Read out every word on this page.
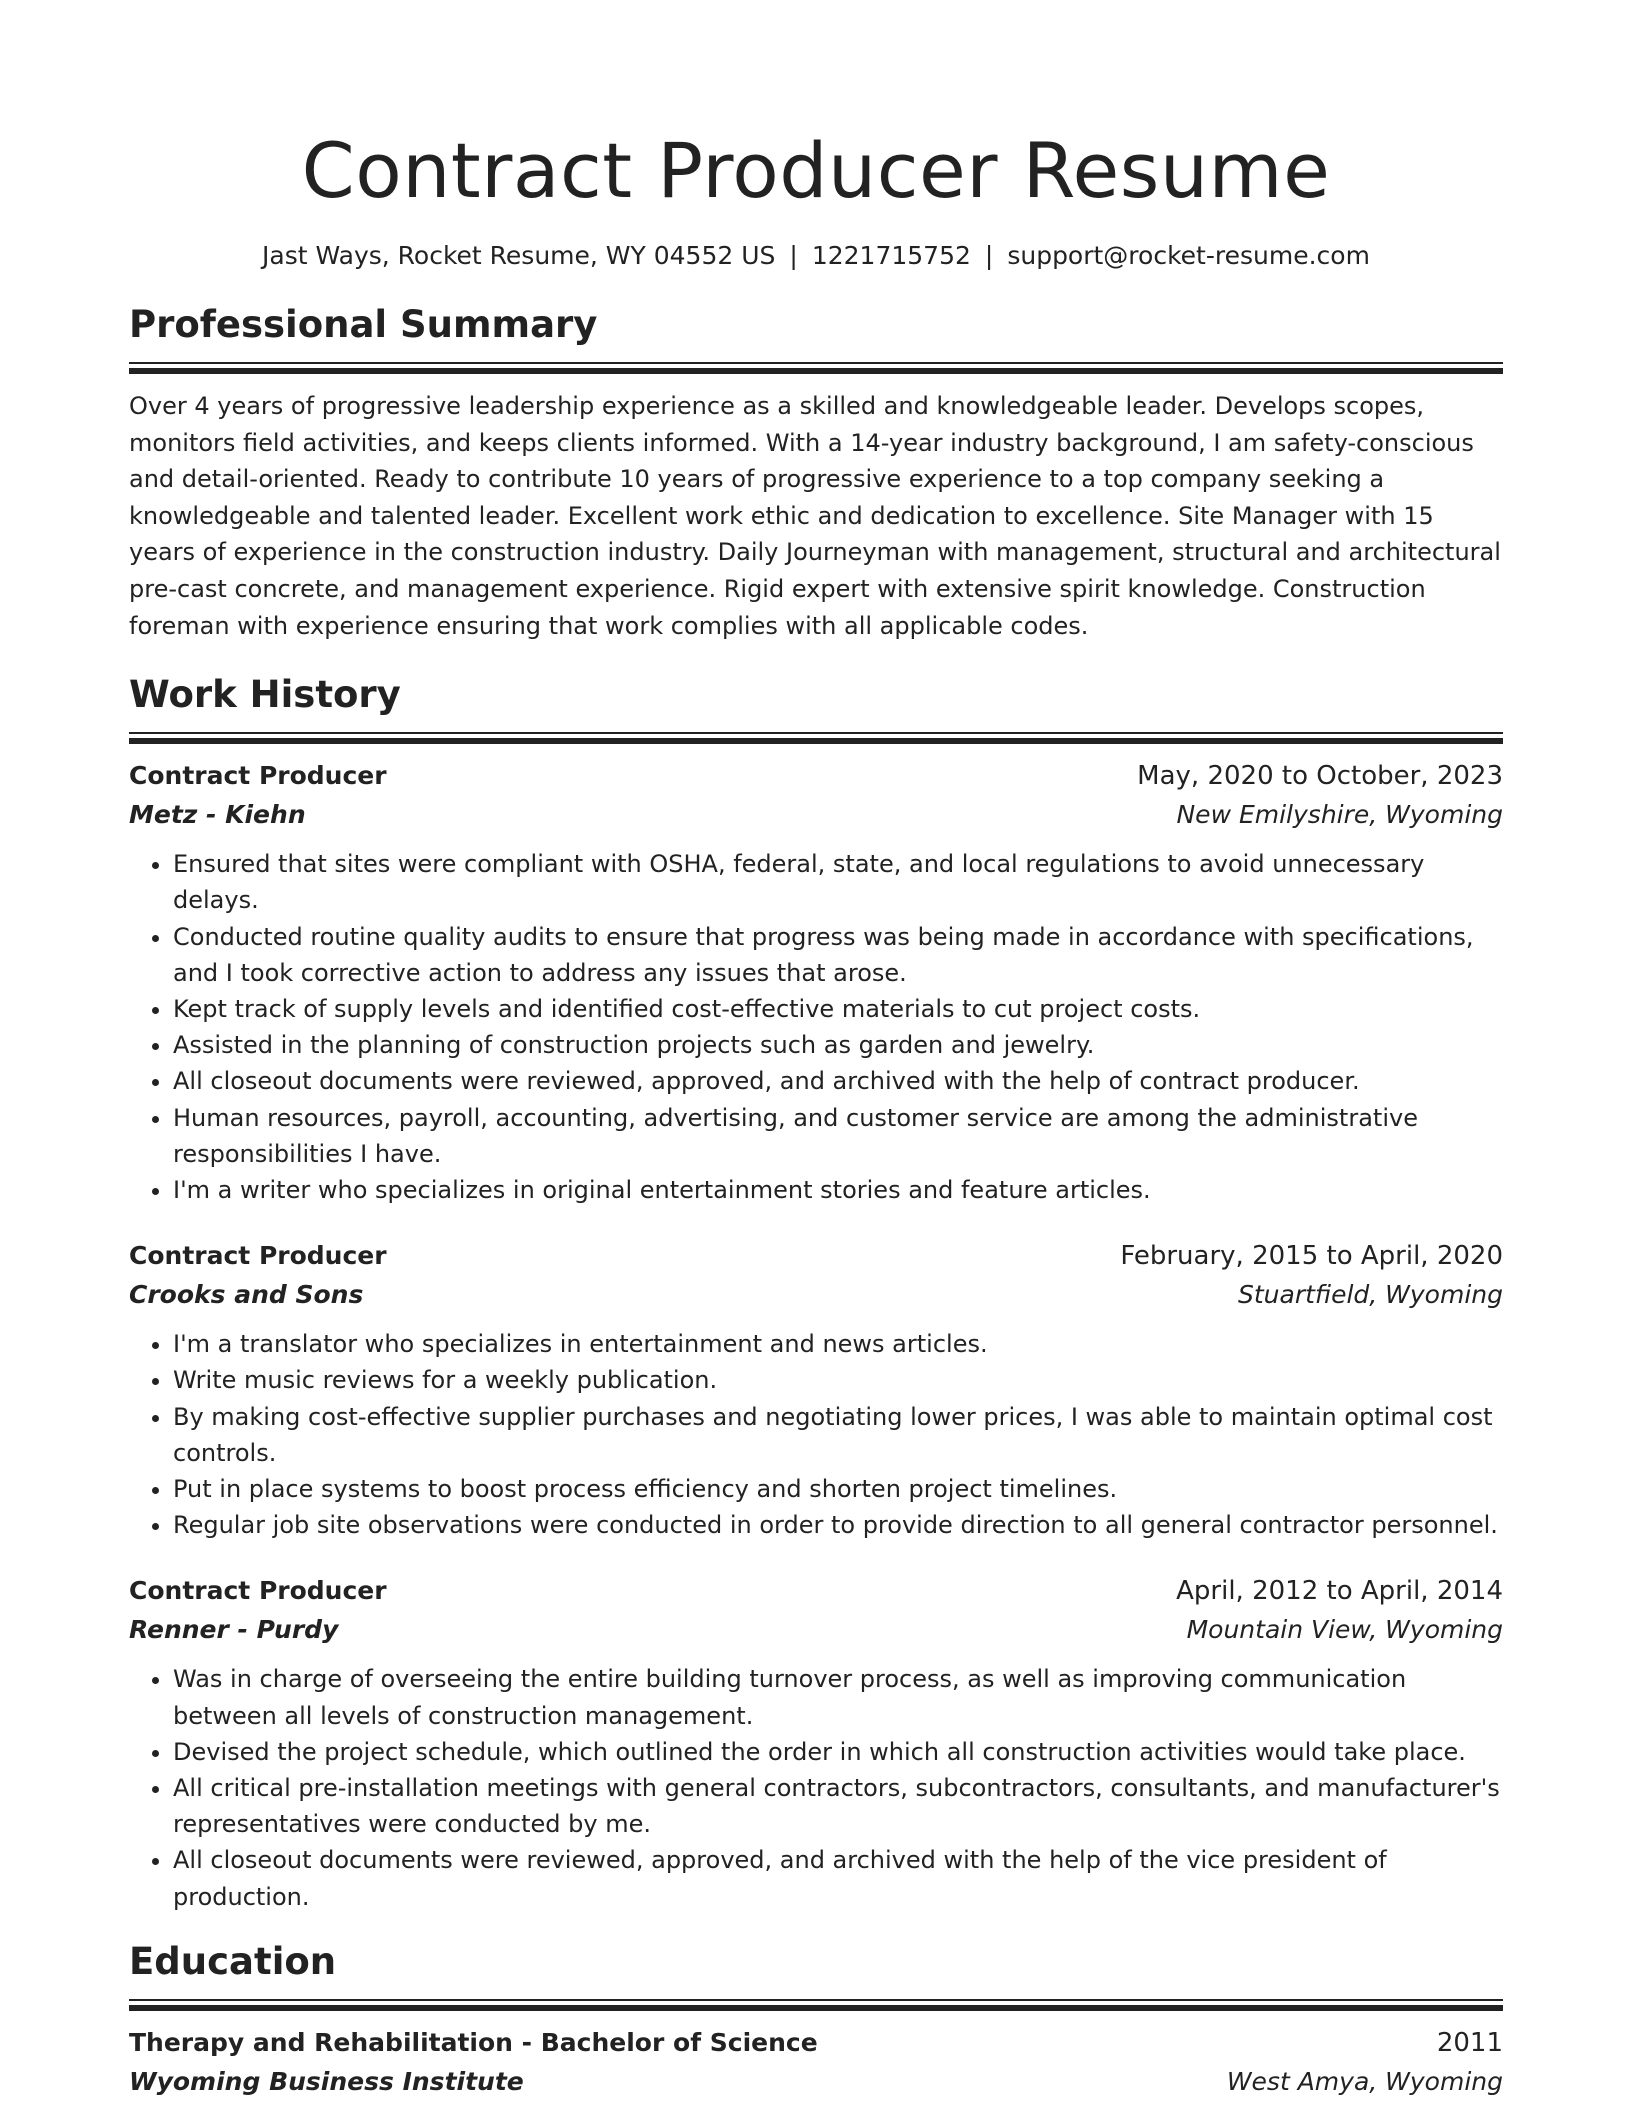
Contract Producer Resume
Jast Ways, Rocket Resume, WY 04552 US | 1221715752 | support@rocket-resume.com
Professional Summary

Over 4 years of progressive leadership experience as a skilled and knowledgeable leader. Develops scopes, monitors field activities, and keeps clients informed. With a 14-year industry background, I am safety-conscious and detail-oriented. Ready to contribute 10 years of progressive experience to a top company seeking a knowledgeable and talented leader. Excellent work ethic and dedication to excellence. Site Manager with 15 years of experience in the construction industry. Daily Journeyman with management, structural and architectural pre-cast concrete, and management experience. Rigid expert with extensive spirit knowledge. Construction foreman with experience ensuring that work complies with all applicable codes.

Work History
Contract Producer	May, 2020 to October, 2023
Metz - Kiehn	New Emilyshire, Wyoming
• Ensured that sites were compliant with OSHA, federal, state, and local regulations to avoid unnecessary delays.
• Conducted routine quality audits to ensure that progress was being made in accordance with specifications, and I took corrective action to address any issues that arose.
• Kept track of supply levels and identified cost-effective materials to cut project costs.
• Assisted in the planning of construction projects such as garden and jewelry.
• All closeout documents were reviewed, approved, and archived with the help of contract producer.
• Human resources, payroll, accounting, advertising, and customer service are among the administrative responsibilities I have.
• I'm a writer who specializes in original entertainment stories and feature articles.
Contract Producer	February, 2015 to April, 2020
Crooks and Sons	Stuartfield, Wyoming
• I'm a translator who specializes in entertainment and news articles.
• Write music reviews for a weekly publication.
• By making cost-effective supplier purchases and negotiating lower prices, I was able to maintain optimal cost controls.
• Put in place systems to boost process efficiency and shorten project timelines.
• Regular job site observations were conducted in order to provide direction to all general contractor personnel.
Contract Producer	April, 2012 to April, 2014
Renner - Purdy	Mountain View, Wyoming
• Was in charge of overseeing the entire building turnover process, as well as improving communication between all levels of construction management.
• Devised the project schedule, which outlined the order in which all construction activities would take place.
• All critical pre-installation meetings with general contractors, subcontractors, consultants, and manufacturer's representatives were conducted by me.
• All closeout documents were reviewed, approved, and archived with the help of the vice president of production.
Education
Therapy and Rehabilitation - Bachelor of Science	2011
Wyoming Business Institute	West Amya, Wyoming
